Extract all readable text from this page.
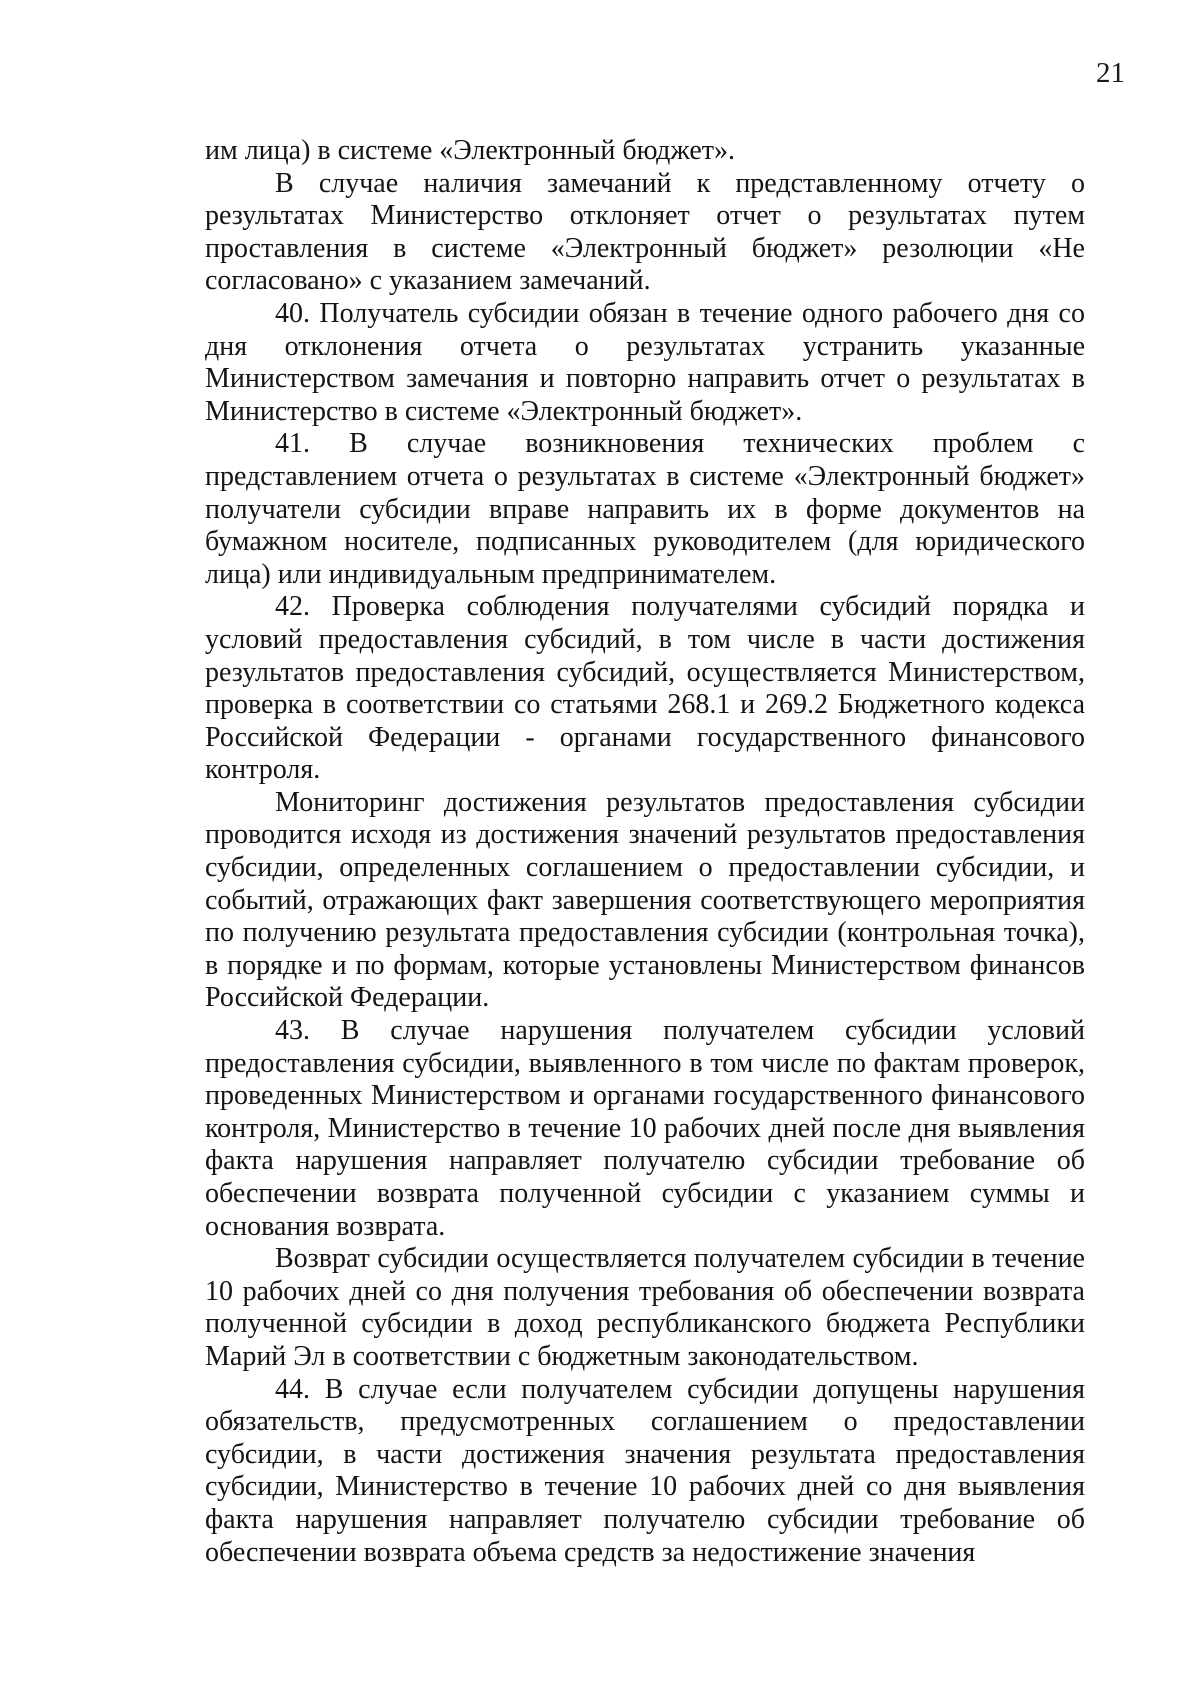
21

им лица) в системе «Электронный бюджет».

В случае наличия замечаний к представленному отчету о результатах Министерство отклоняет отчет о результатах путем проставления в системе «Электронный бюджет» резолюции «Не согласовано» с указанием замечаний.

40. Получатель субсидии обязан в течение одного рабочего дня со дня отклонения отчета о результатах устранить указанные Министерством замечания и повторно направить отчет о результатах в Министерство в системе «Электронный бюджет».

41. В случае возникновения технических проблем с представлением отчета о результатах в системе «Электронный бюджет» получатели субсидии вправе направить их в форме документов на бумажном носителе, подписанных руководителем (для юридического лица) или индивидуальным предпринимателем.

42. Проверка соблюдения получателями субсидий порядка и условий предоставления субсидий, в том числе в части достижения результатов предоставления субсидий, осуществляется Министерством, проверка в соответствии со статьями 268.1 и 269.2 Бюджетного кодекса Российской Федерации - органами государственного финансового контроля.

Мониторинг достижения результатов предоставления субсидии проводится исходя из достижения значений результатов предоставления субсидии, определенных соглашением о предоставлении субсидии, и событий, отражающих факт завершения соответствующего мероприятия по получению результата предоставления субсидии (контрольная точка), в порядке и по формам, которые установлены Министерством финансов Российской Федерации.

43. В случае нарушения получателем субсидии условий предоставления субсидии, выявленного в том числе по фактам проверок, проведенных Министерством и органами государственного финансового контроля, Министерство в течение 10 рабочих дней после дня выявления факта нарушения направляет получателю субсидии требование об обеспечении возврата полученной субсидии с указанием суммы и основания возврата.

Возврат субсидии осуществляется получателем субсидии в течение 10 рабочих дней со дня получения требования об обеспечении возврата полученной субсидии в доход республиканского бюджета Республики Марий Эл в соответствии с бюджетным законодательством.

44. В случае если получателем субсидии допущены нарушения обязательств, предусмотренных соглашением о предоставлении субсидии, в части достижения значения результата предоставления субсидии, Министерство в течение 10 рабочих дней со дня выявления факта нарушения направляет получателю субсидии требование об обеспечении возврата объема средств за недостижение значения
